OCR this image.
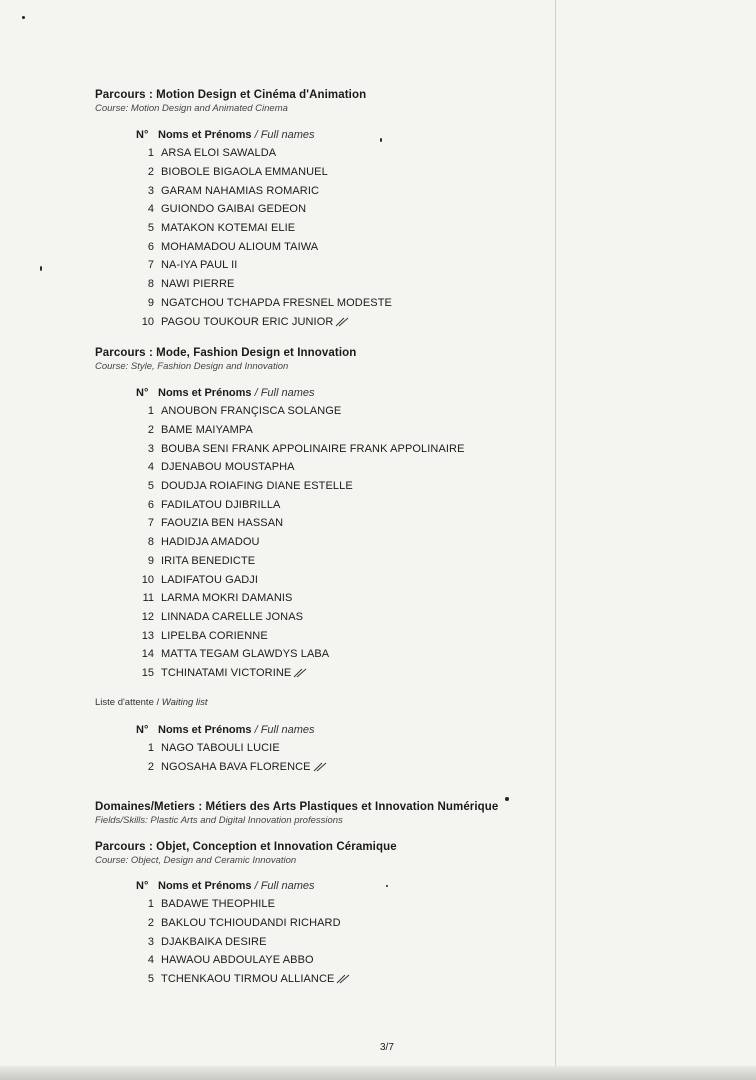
Parcours : Motion Design et Cinéma d'Animation
Course: Motion Design and Animated Cinema
N° Noms et Prénoms / Full names
1 ARSA ELOI SAWALDA
2 BIOBOLE BIGAOLA EMMANUEL
3 GARAM NAHAMIAS ROMARIC
4 GUIONDO GAIBAI GEDEON
5 MATAKON KOTEMAI ELIE
6 MOHAMADOU ALIOUM TAIWA
7 NA-IYA PAUL II
8 NAWI PIERRE
9 NGATCHOU TCHAPDA FRESNEL MODESTE
10 PAGOU TOUKOUR ERIC JUNIOR
Parcours : Mode, Fashion Design et Innovation
Course: Style, Fashion Design and Innovation
N° Noms et Prénoms / Full names
1 ANOUBON FRANÇISCA SOLANGE
2 BAME MAIYAMPA
3 BOUBA SENI FRANK APPOLINAIRE FRANK APPOLINAIRE
4 DJENABOU MOUSTAPHA
5 DOUDJA ROIAFING DIANE ESTELLE
6 FADILATOU DJIBRILLA
7 FAOUZIA BEN HASSAN
8 HADIDJA AMADOU
9 IRITA BENEDICTE
10 LADIFATOU GADJI
11 LARMA MOKRI DAMANIS
12 LINNADA CARELLE JONAS
13 LIPELBA CORIENNE
14 MATTA TEGAM GLAWDYS LABA
15 TCHINATAMI VICTORINE
Liste d'attente / Waiting list
N° Noms et Prénoms / Full names
1 NAGO TABOULI LUCIE
2 NGOSAHA BAVA FLORENCE
Domaines/Metiers : Métiers des Arts Plastiques et Innovation Numérique
Fields/Skills: Plastic Arts and Digital Innovation professions
Parcours : Objet, Conception et Innovation Céramique
Course: Object, Design and Ceramic Innovation
N° Noms et Prénoms / Full names
1 BADAWE THEOPHILE
2 BAKLOU TCHIOUDANDI RICHARD
3 DJAKBAIKA DESIRE
4 HAWAOU ABDOULAYE ABBO
5 TCHENKAOU TIRMOU ALLIANCE
3/7
